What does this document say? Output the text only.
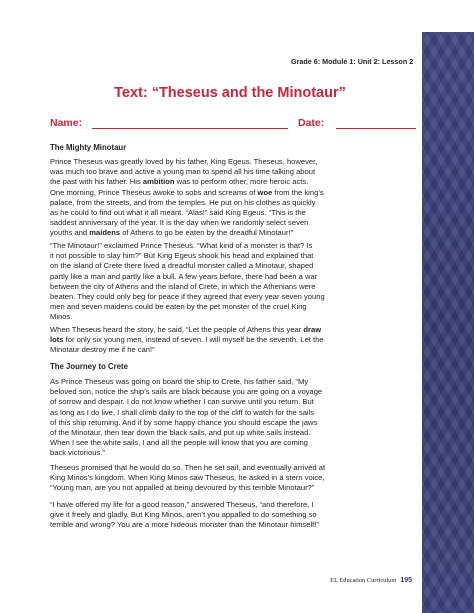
Grade 6: Module 1: Unit 2: Lesson 2
Text: “Theseus and the Minotaur”
Name:	Date:
The Mighty Minotaur
Prince Theseus was greatly loved by his father, King Egeus. Theseus, however,
was much too brave and active a young man to spend all his time talking about
the past with his father. His ambition was to perform other, more heroic acts.
One morning, Prince Theseus awoke to sobs and screams of woe from the king’s
palace, from the streets, and from the temples. He put on his clothes as quickly
as he could to find out what it all meant. “Alas!” said King Egeus. “This is the
saddest anniversary of the year. It is the day when we randomly select seven
youths and maidens of Athens to go be eaten by the dreadful Minotaur!”
“The Minotaur!” exclaimed Prince Theseus. “What kind of a monster is that? Is
it not possible to slay him?” But King Egeus shook his head and explained that
on the island of Crete there lived a dreadful monster called a Minotaur, shaped
partly like a man and partly like a bull. A few years before, there had been a war
between the city of Athens and the island of Crete, in which the Athenians were
beaten. They could only beg for peace if they agreed that every year seven young
men and seven maidens could be eaten by the pet monster of the cruel King
Minos.
When Theseus heard the story, he said, “Let the people of Athens this year draw
lots for only six young men, instead of seven. I will myself be the seventh. Let the
Minotaur destroy me if he can!”
The Journey to Crete
As Prince Theseus was going on board the ship to Crete, his father said, “My
beloved son, notice the ship’s sails are black because you are going on a voyage
of sorrow and despair. I do not know whether I can survive until you return. But
as long as I do live, I shall climb daily to the top of the cliff to watch for the sails
of this ship returning. And if by some happy chance you should escape the jaws
of the Minotaur, then tear down the black sails, and put up white sails instead.
When I see the white sails, I and all the people will know that you are coming
back victorious.”
Theseus promised that he would do so. Then he set sail, and eventually arrived at
King Minos’s kingdom. When King Minos saw Theseus, he asked in a stern voice,
“Young man, are you not appalled at being devoured by this terrible Minotaur?”
“I have offered my life for a good reason,” answered Theseus, “and therefore, I
give it freely and gladly. But King Minos, aren’t you appalled to do something so
terrible and wrong? You are a more hideous monster than the Minotaur himself!”
EL Education Curriculum 195
